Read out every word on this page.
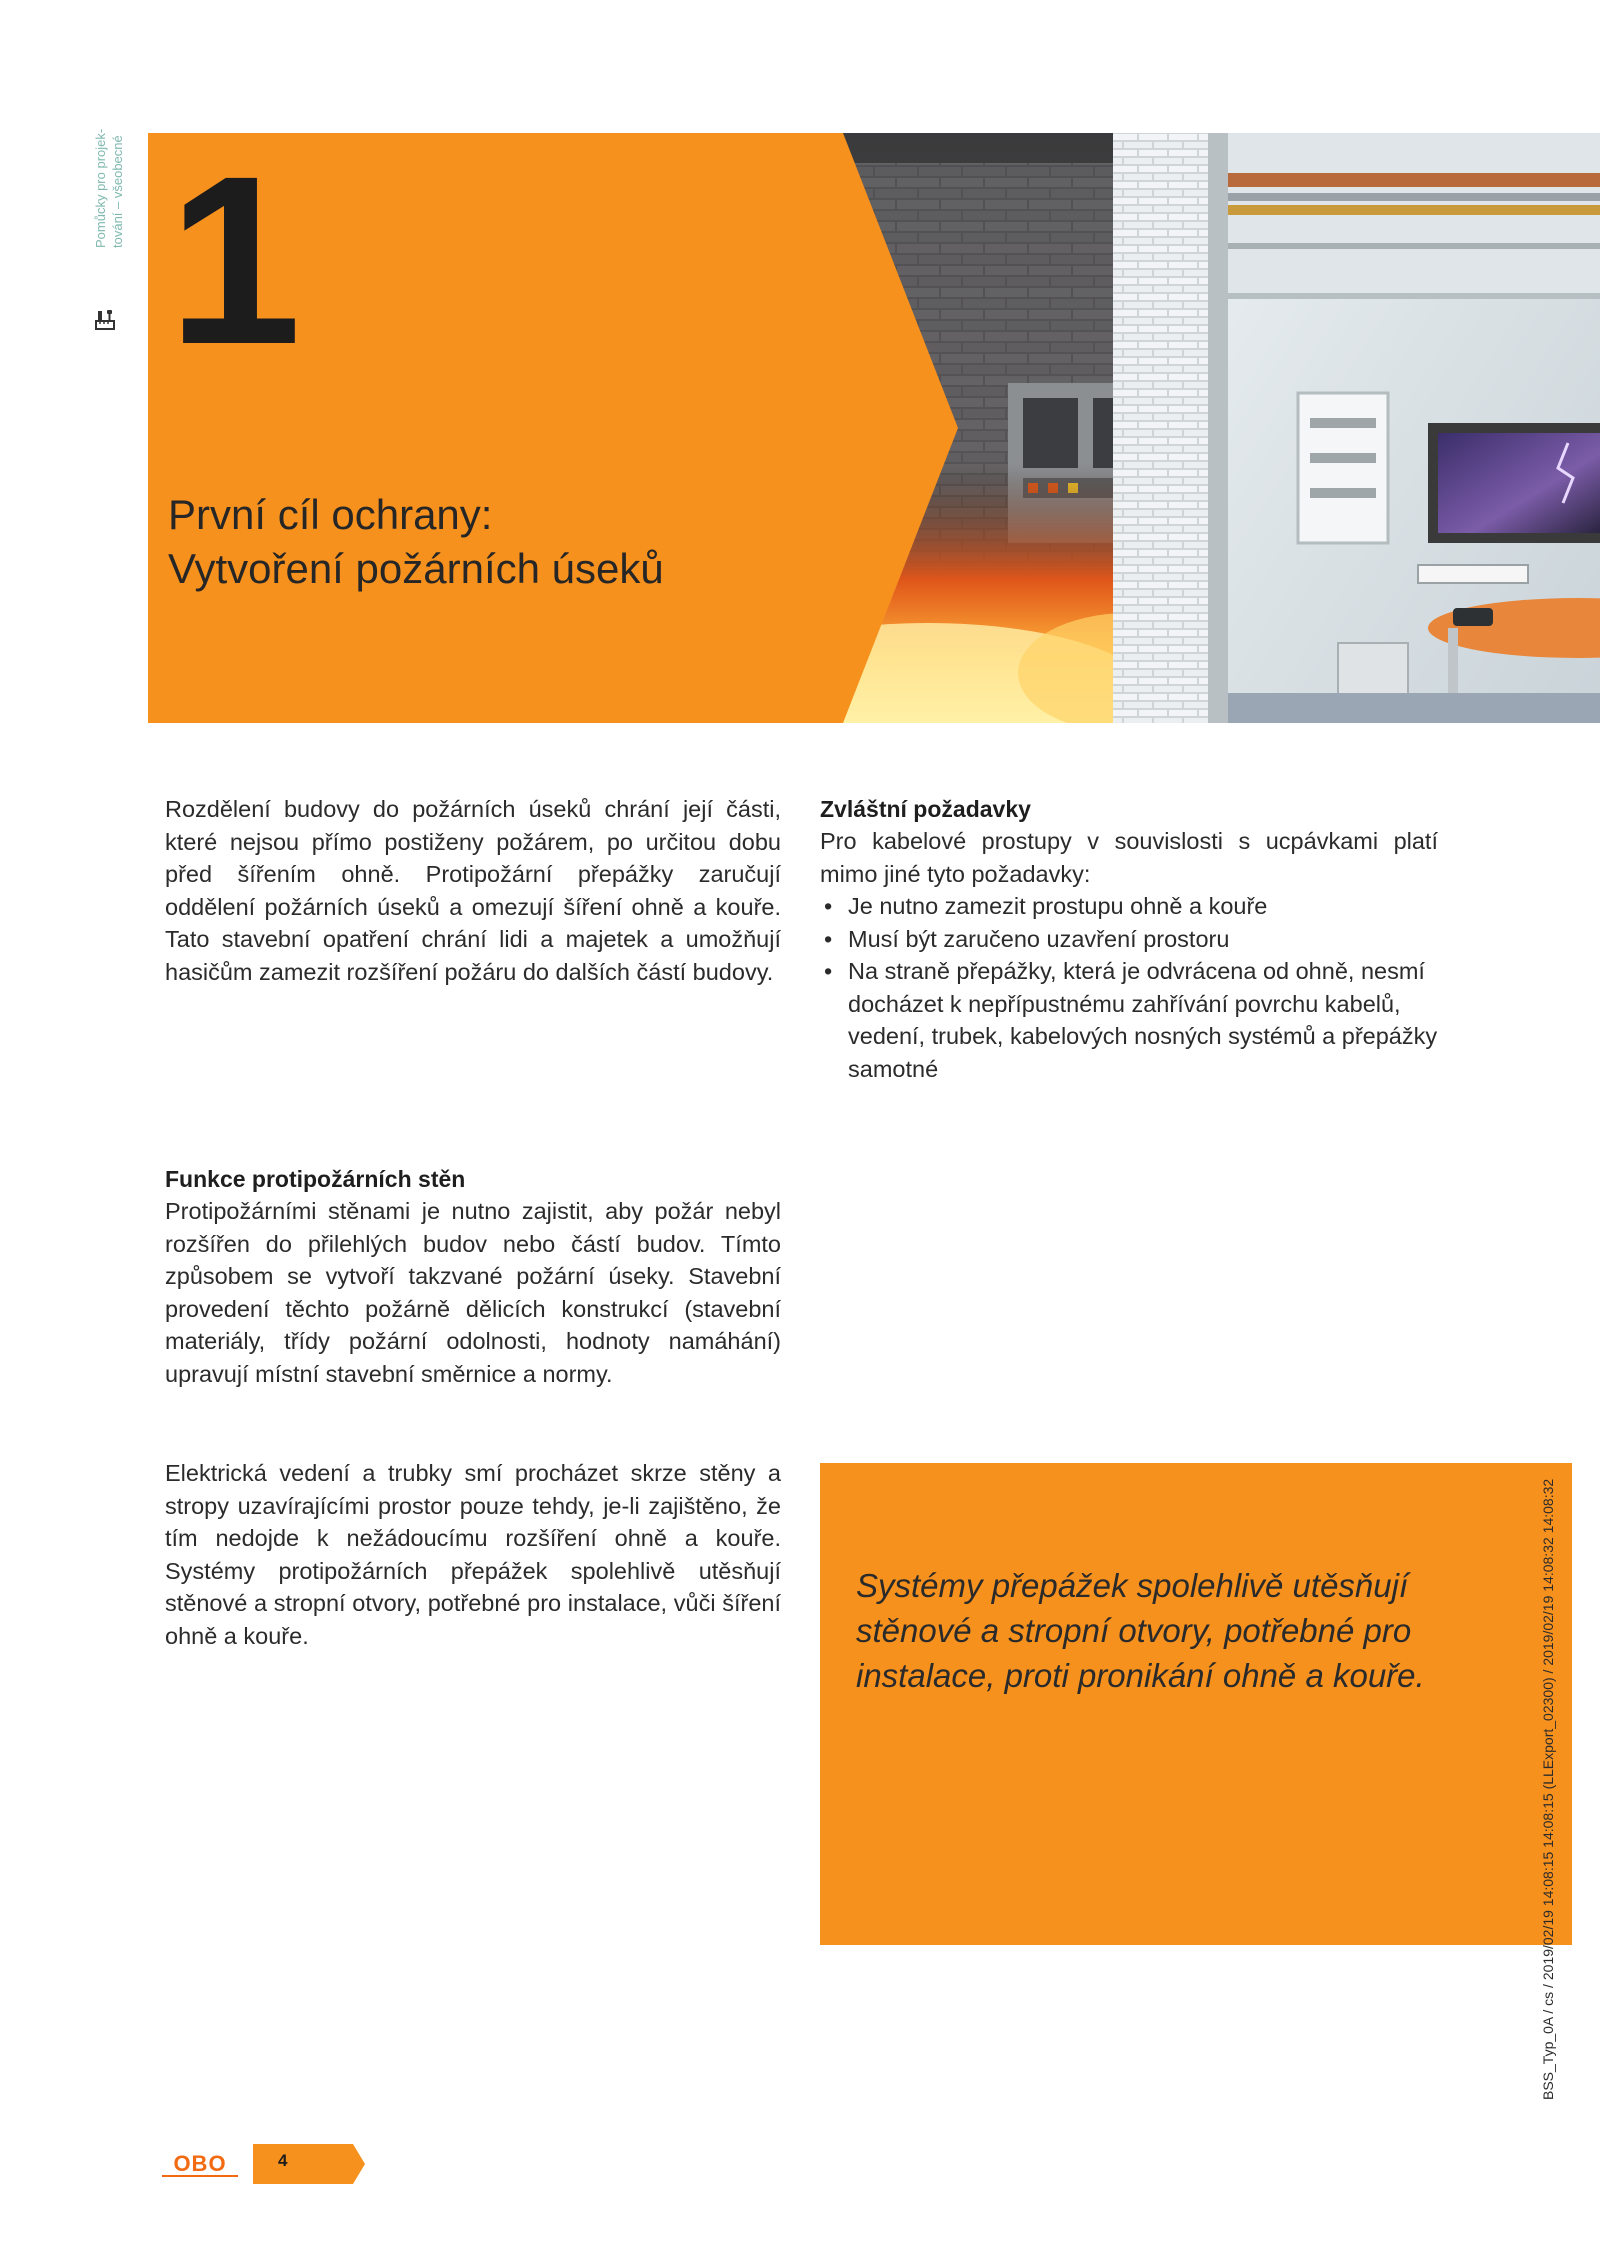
Pomůcky pro projek- tování – všeobecné 1
První cíl ochrany:
Vytvoření požárních úseků

Rozdělení budovy do požárních úseků chrání její části, které nejsou přímo postiženy požárem, po určitou dobu před šířením ohně. Protipožární přepážky zaručují oddělení požárních úseků a omezují šíření ohně a kouře. Tato stavební opatření chrání lidi a majetek a umožňují hasičům zamezit rozšíření požáru do dalších částí budovy.

Zvláštní požadavky

Pro kabelové prostupy v souvislosti s ucpávkami platí mimo jiné tyto požadavky:

• Je nutno zamezit prostupu ohně a kouře
• Musí být zaručeno uzavření prostoru
• Na straně přepážky, která je odvrácena od ohně, nesmí docházet k nepřípustnému zahřívání povrchu kabelů, vedení, trubek, kabelových nosných systémů a přepážky samotné
Funkce protipožárních stěn

Protipožárními stěnami je nutno zajistit, aby požár nebyl rozšířen do přilehlých budov nebo částí budov. Tímto způsobem se vytvoří takzvané požární úseky. Stavební provedení těchto požárně dělicích konstrukcí (stavební materiály, třídy požární odolnosti, hodnoty namáhání) upravují místní stavební směrnice a normy.

Elektrická vedení a trubky smí procházet skrze stěny a stropy uzavírajícími prostor pouze tehdy, je-li zajištěno, že tím nedojde k nežádoucímu rozšíření ohně a kouře. Systémy protipožárních přepážek spolehlivě utěsňují stěnové a stropní otvory, potřebné pro instalace, vůči šíření ohně a kouře.

Systémy přepážek spolehlivě utěsňují stěnové a stropní otvory, potřebné pro instalace, proti pronikání ohně a kouře.	BSS_Typ_0A / cs / 2019/02/19 14:08:15 14:08:15 (LLExport_02300) / 2019/02/19 14:08:32 14:08:32
OBO	4
